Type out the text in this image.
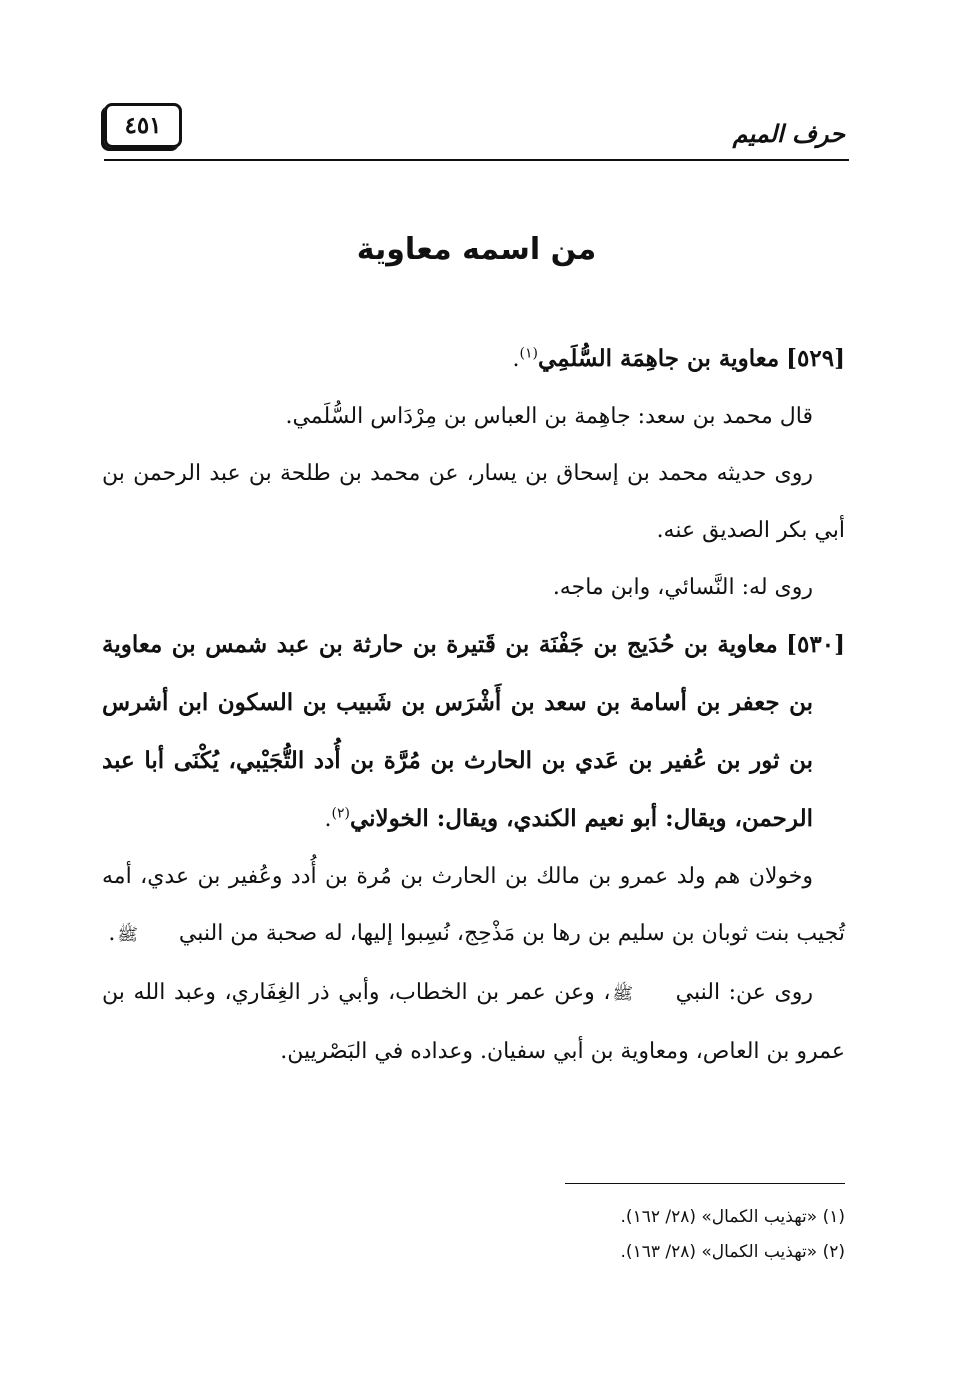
حرف الميم
٤٥١
من اسمه معاوية

[٥٢٩] معاوية بن جاهِمَة السُّلَمِي$^{(١)}$.

قال محمد بن سعد: جاهِمة بن العباس بن مِرْدَاس السُّلَمي.

روى حديثه محمد بن إسحاق بن يسار، عن محمد بن طلحة بن عبد الرحمن بن أبي بكر الصديق عنه.

روى له: النَّسائي، وابن ماجه.

[٥٣٠] معاوية بن حُدَيج بن جَفْنَة بن قَتيرة بن حارثة بن عبد شمس بن معاوية بن جعفر بن أسامة بن سعد بن أَشْرَس بن شَبيب بن السكون ابن أشرس بن ثور بن عُفير بن عَدي بن الحارث بن مُرَّة بن أُدد التُّجَيْبي، يُكْنَى أبا عبد الرحمن، ويقال: أبو نعيم الكندي، ويقال: الخولاني$^{(٢)}$.

وخولان هم ولد عمرو بن مالك بن الحارث بن مُرة بن أُدد وعُفير بن عدي، أمه تُجيب بنت ثوبان بن سليم بن رها بن مَذْحِج، نُسِبوا إليها، له صحبة من النبي ﷺ.

روى عن: النبي ﷺ، وعن عمر بن الخطاب، وأبي ذر الغِفَاري، وعبد الله بن عمرو بن العاص، ومعاوية بن أبي سفيان. وعداده في البَصْريين.

(١) «تهذيب الكمال» (٢٨/ ١٦٢).

(٢) «تهذيب الكمال» (٢٨/ ١٦٣).
